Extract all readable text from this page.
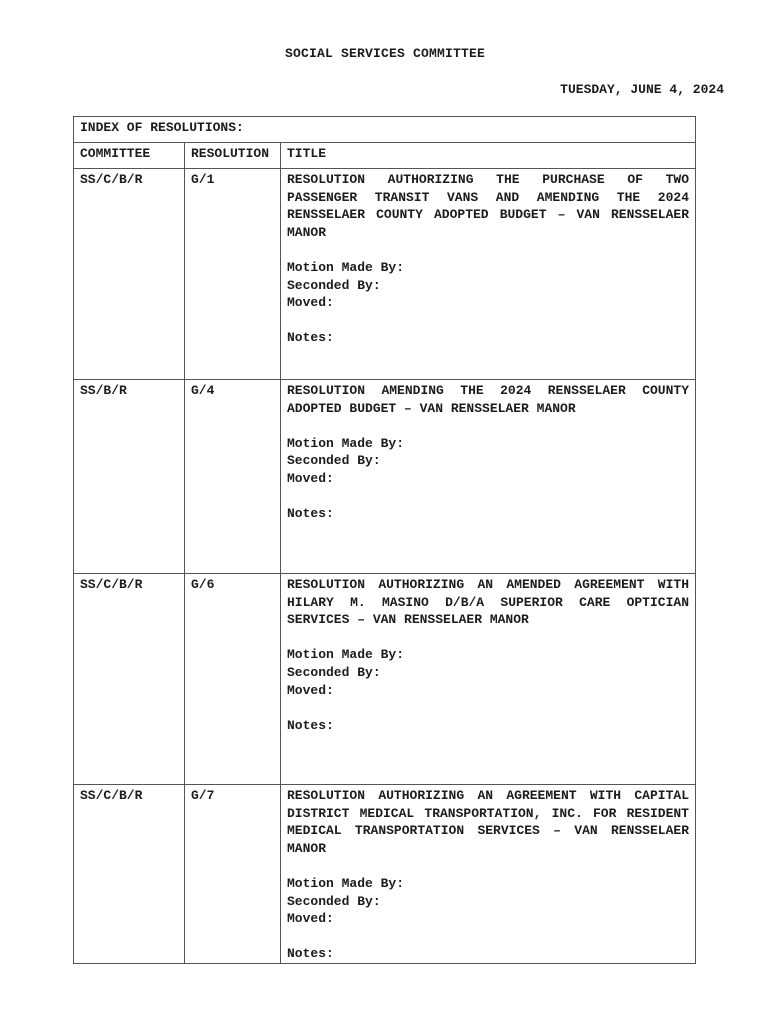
SOCIAL SERVICES COMMITTEE
TUESDAY, JUNE 4, 2024
INDEX OF RESOLUTIONS:		
COMMITTEE	RESOLUTION	TITLE
SS/C/B/R	G/1	RESOLUTION AUTHORIZING THE PURCHASE OF TWO PASSENGER TRANSIT VANS AND AMENDING THE 2024 RENSSELAER COUNTY ADOPTED BUDGET – VAN RENSSELAER MANOR
Motion Made By:
Seconded By:
Moved:
Notes:

SS/B/R	G/4	RESOLUTION AMENDING THE 2024 RENSSELAER COUNTY ADOPTED BUDGET – VAN RENSSELAER MANOR
Motion Made By:
Seconded By:
Moved:
Notes:

SS/C/B/R	G/6	RESOLUTION AUTHORIZING AN AMENDED AGREEMENT WITH HILARY M. MASINO D/B/A SUPERIOR CARE OPTICIAN SERVICES – VAN RENSSELAER MANOR
Motion Made By:
Seconded By:
Moved:
Notes:

SS/C/B/R	G/7	RESOLUTION AUTHORIZING AN AGREEMENT WITH CAPITAL DISTRICT MEDICAL TRANSPORTATION, INC. FOR RESIDENT MEDICAL TRANSPORTATION SERVICES – VAN RENSSELAER MANOR
Motion Made By:
Seconded By:
Moved:
Notes:
